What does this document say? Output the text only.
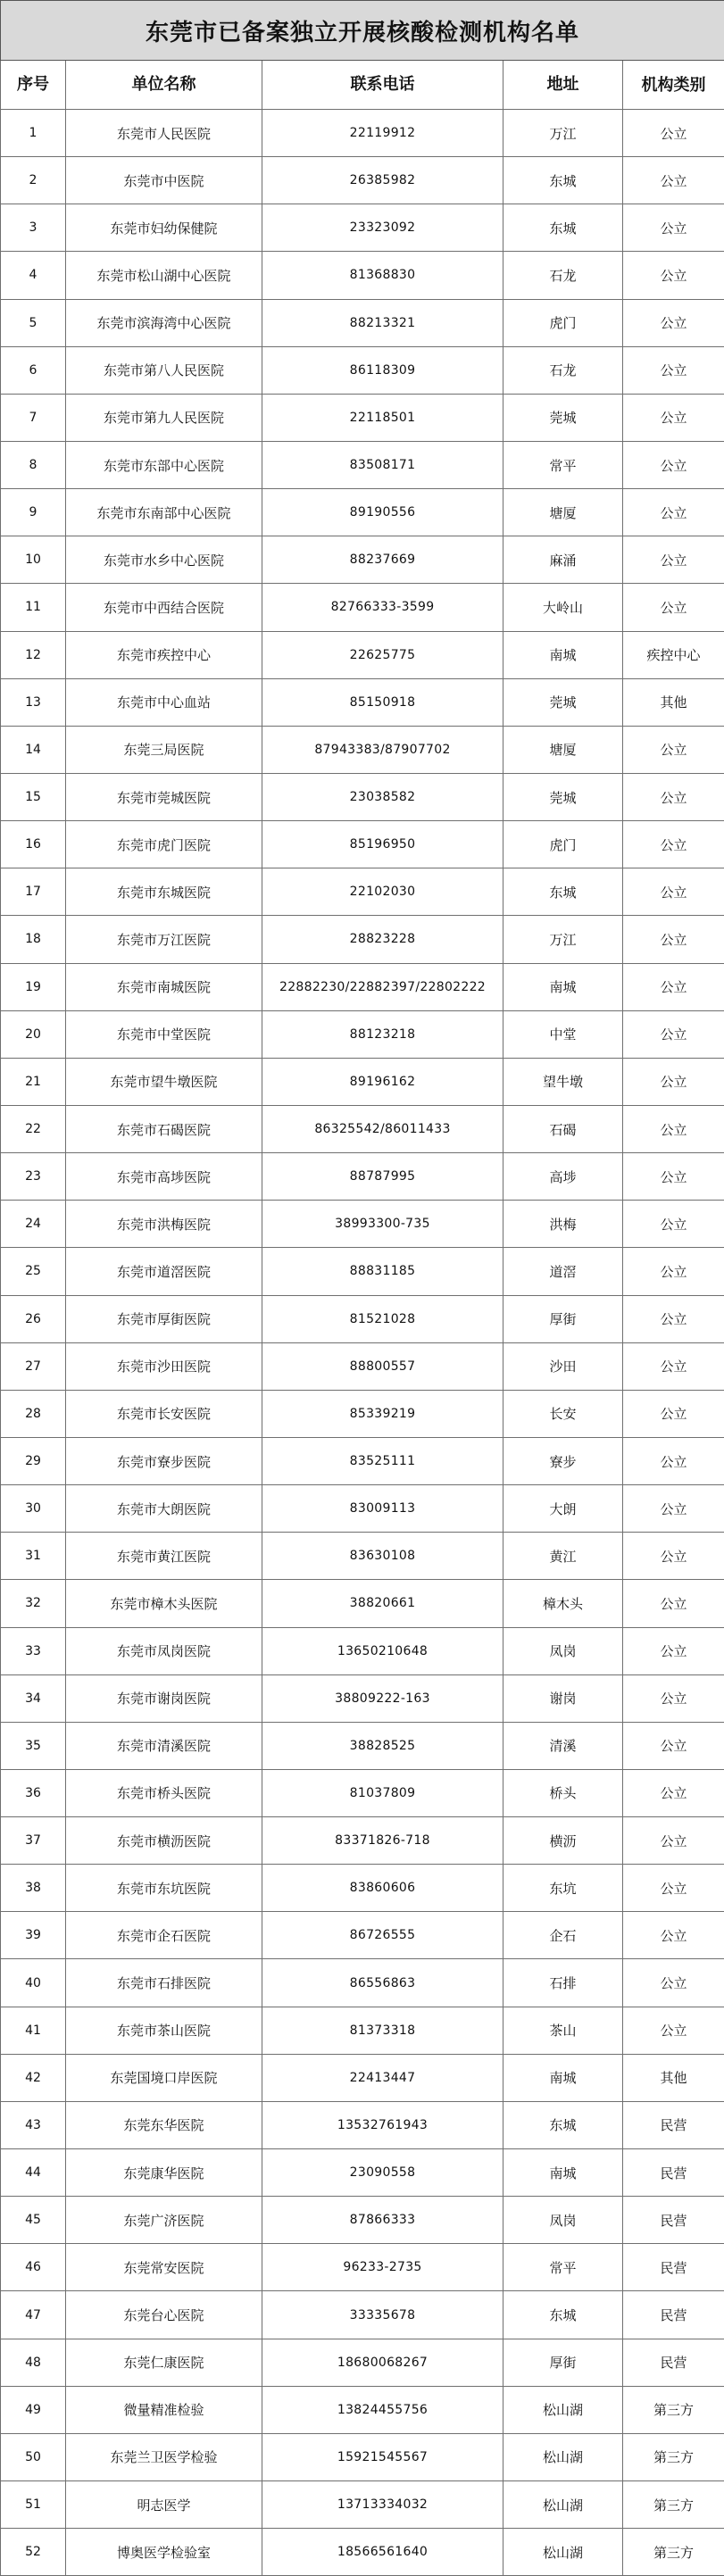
东莞市已备案独立开展核酸检测机构名单				
序号	单位名称	联系电话	地址	机构类别
1	东莞市人民医院	22119912	万江	公立
2	东莞市中医院	26385982	东城	公立
3	东莞市妇幼保健院	23323092	东城	公立
4	东莞市松山湖中心医院	81368830	石龙	公立
5	东莞市滨海湾中心医院	88213321	虎门	公立
6	东莞市第八人民医院	86118309	石龙	公立
7	东莞市第九人民医院	22118501	莞城	公立
8	东莞市东部中心医院	83508171	常平	公立
9	东莞市东南部中心医院	89190556	塘厦	公立
10	东莞市水乡中心医院	88237669	麻涌	公立
11	东莞市中西结合医院	82766333-3599	大岭山	公立
12	东莞市疾控中心	22625775	南城	疾控中心
13	东莞市中心血站	85150918	莞城	其他
14	东莞三局医院	87943383/87907702	塘厦	公立
15	东莞市莞城医院	23038582	莞城	公立
16	东莞市虎门医院	85196950	虎门	公立
17	东莞市东城医院	22102030	东城	公立
18	东莞市万江医院	28823228	万江	公立
19	东莞市南城医院	22882230/22882397/22802222	南城	公立
20	东莞市中堂医院	88123218	中堂	公立
21	东莞市望牛墩医院	89196162	望牛墩	公立
22	东莞市石碣医院	86325542/86011433	石碣	公立
23	东莞市高埗医院	88787995	高埗	公立
24	东莞市洪梅医院	38993300-735	洪梅	公立
25	东莞市道滘医院	88831185	道滘	公立
26	东莞市厚街医院	81521028	厚街	公立
27	东莞市沙田医院	88800557	沙田	公立
28	东莞市长安医院	85339219	长安	公立
29	东莞市寮步医院	83525111	寮步	公立
30	东莞市大朗医院	83009113	大朗	公立
31	东莞市黄江医院	83630108	黄江	公立
32	东莞市樟木头医院	38820661	樟木头	公立
33	东莞市凤岗医院	13650210648	凤岗	公立
34	东莞市谢岗医院	38809222-163	谢岗	公立
35	东莞市清溪医院	38828525	清溪	公立
36	东莞市桥头医院	81037809	桥头	公立
37	东莞市横沥医院	83371826-718	横沥	公立
38	东莞市东坑医院	83860606	东坑	公立
39	东莞市企石医院	86726555	企石	公立
40	东莞市石排医院	86556863	石排	公立
41	东莞市茶山医院	81373318	茶山	公立
42	东莞国境口岸医院	22413447	南城	其他
43	东莞东华医院	13532761943	东城	民营
44	东莞康华医院	23090558	南城	民营
45	东莞广济医院	87866333	凤岗	民营
46	东莞常安医院	96233-2735	常平	民营
47	东莞台心医院	33335678	东城	民营
48	东莞仁康医院	18680068267	厚街	民营
49	微量精准检验	13824455756	松山湖	第三方
50	东莞兰卫医学检验	15921545567	松山湖	第三方
51	明志医学	13713334032	松山湖	第三方
52	博奥医学检验室	18566561640	松山湖	第三方
